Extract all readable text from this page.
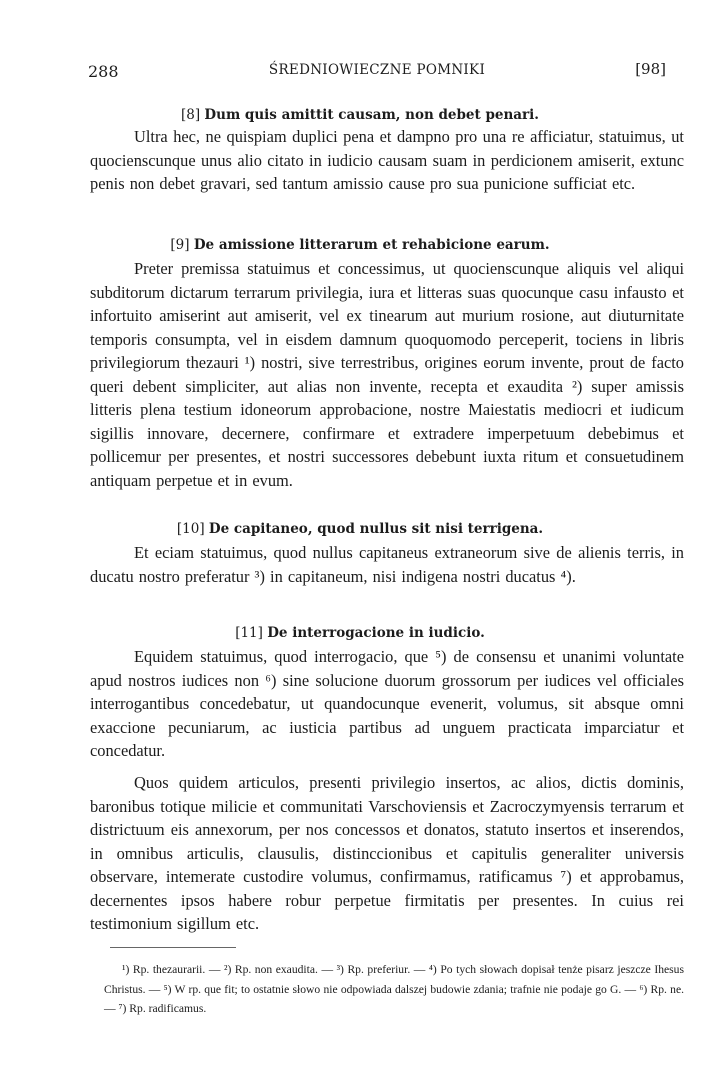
288	ŚREDNIOWIECZNE POMNIKI	[98]
[8] Dum quis amittit causam, non debet penari.

Ultra hec, ne quispiam duplici pena et dampno pro una re afficiatur, statuimus, ut quocienscunque unus alio citato in iudicio causam suam in perdicionem amiserit, extunc penis non debet gravari, sed tantum amissio cause pro sua punicione sufficiat etc.

[9] De amissione litterarum et rehabicione earum.

Preter premissa statuimus et concessimus, ut quocienscunque aliquis vel aliqui subditorum dictarum terrarum privilegia, iura et litteras suas quocunque casu infausto et infortuito amiserint aut amiserit, vel ex tinearum aut murium rosione, aut diuturnitate temporis consumpta, vel in eisdem damnum quoquomodo perceperit, tociens in libris privilegiorum thezauri ¹) nostri, sive terrestribus, origines eorum invente, prout de facto queri debent simpliciter, aut alias non invente, recepta et exaudita ²) super amissis litteris plena testium idoneorum approbacione, nostre Maiestatis mediocri et iudicum sigillis innovare, decernere, confirmare et extradere imperpetuum debebimus et pollicemur per presentes, et nostri successores debebunt iuxta ritum et consuetudinem antiquam perpetue et in evum.

[10] De capitaneo, quod nullus sit nisi terrigena.

Et eciam statuimus, quod nullus capitaneus extraneorum sive de alienis terris, in ducatu nostro preferatur ³) in capitaneum, nisi indigena nostri ducatus ⁴).

[11] De interrogacione in iudicio.

Equidem statuimus, quod interrogacio, que ⁵) de consensu et unanimi voluntate apud nostros iudices non ⁶) sine solucione duorum grossorum per iudices vel officiales interrogantibus concedebatur, ut quandocunque evenerit, volumus, sit absque omni exaccione pecuniarum, ac iusticia partibus ad unguem practicata imparciatur et concedatur.

Quos quidem articulos, presenti privilegio insertos, ac alios, dictis dominis, baronibus totique milicie et communitati Varschoviensis et Zacroczymyensis terrarum et districtuum eis annexorum, per nos concessos et donatos, statuto insertos et inserendos, in omnibus articulis, clausulis, distinccionibus et capitulis generaliter universis observare, intemerate custodire volumus, confirmamus, ratificamus ⁷) et approbamus, decernentes ipsos habere robur perpetue firmitatis per presentes. In cuius rei testimonium sigillum etc.

¹) Rp. thezaurarii. — ²) Rp. non exaudita. — ³) Rp. preferiur. — ⁴) Po tych słowach dopisał tenże pisarz jeszcze Ihesus Christus. — ⁵) W rp. que fit; to ostatnie słowo nie odpowiada dalszej budowie zdania; trafnie nie podaje go G. — ⁶) Rp. ne. — ⁷) Rp. radificamus.
